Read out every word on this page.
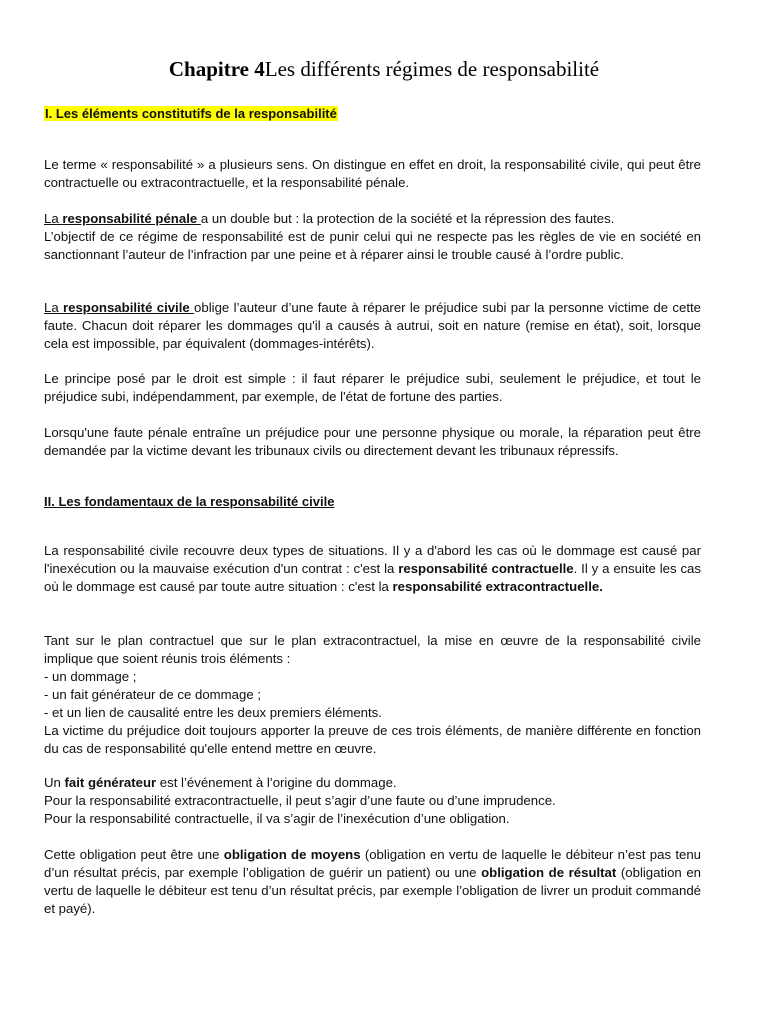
Chapitre 4Les différents régimes de responsabilité
I. Les éléments constitutifs de la responsabilité
Le terme « responsabilité » a plusieurs sens. On distingue en effet en droit, la responsabilité civile, qui peut être contractuelle ou extracontractuelle, et la responsabilité pénale.
La responsabilité pénale a un double but : la protection de la société et la répression des fautes.
L’objectif de ce régime de responsabilité est de punir celui qui ne respecte pas les règles de vie en société en sanctionnant l’auteur de l’infraction par une peine et à réparer ainsi le trouble causé à l’ordre public.
La responsabilité civile oblige l’auteur d’une faute à réparer le préjudice subi par la personne victime de cette faute. Chacun doit réparer les dommages qu'il a causés à autrui, soit en nature (remise en état), soit, lorsque cela est impossible, par équivalent (dommages-intérêts).
Le principe posé par le droit est simple : il faut réparer le préjudice subi, seulement le préjudice, et tout le préjudice subi, indépendamment, par exemple, de l'état de fortune des parties.
Lorsqu'une faute pénale entraîne un préjudice pour une personne physique ou morale, la réparation peut être demandée par la victime devant les tribunaux civils ou directement devant les tribunaux répressifs.
II. Les fondamentaux de la responsabilité civile
La responsabilité civile recouvre deux types de situations. Il y a d'abord les cas où le dommage est causé par l'inexécution ou la mauvaise exécution d'un contrat : c'est la responsabilité contractuelle. Il y a ensuite les cas où le dommage est causé par toute autre situation : c'est la responsabilité extracontractuelle.
Tant sur le plan contractuel que sur le plan extracontractuel, la mise en œuvre de la responsabilité civile implique que soient réunis trois éléments :
- un dommage ;
- un fait générateur de ce dommage ;
- et un lien de causalité entre les deux premiers éléments.
La victime du préjudice doit toujours apporter la preuve de ces trois éléments, de manière différente en fonction du cas de responsabilité qu'elle entend mettre en œuvre.
Un fait générateur est l’événement à l’origine du dommage.
Pour la responsabilité extracontractuelle, il peut s’agir d’une faute ou d’une imprudence.
Pour la responsabilité contractuelle, il va s’agir de l’inexécution d’une obligation.
Cette obligation peut être une obligation de moyens (obligation en vertu de laquelle le débiteur n’est pas tenu d’un résultat précis, par exemple l’obligation de guérir un patient) ou une obligation de résultat (obligation en vertu de laquelle le débiteur est tenu d’un résultat précis, par exemple l’obligation de livrer un produit commandé et payé).
